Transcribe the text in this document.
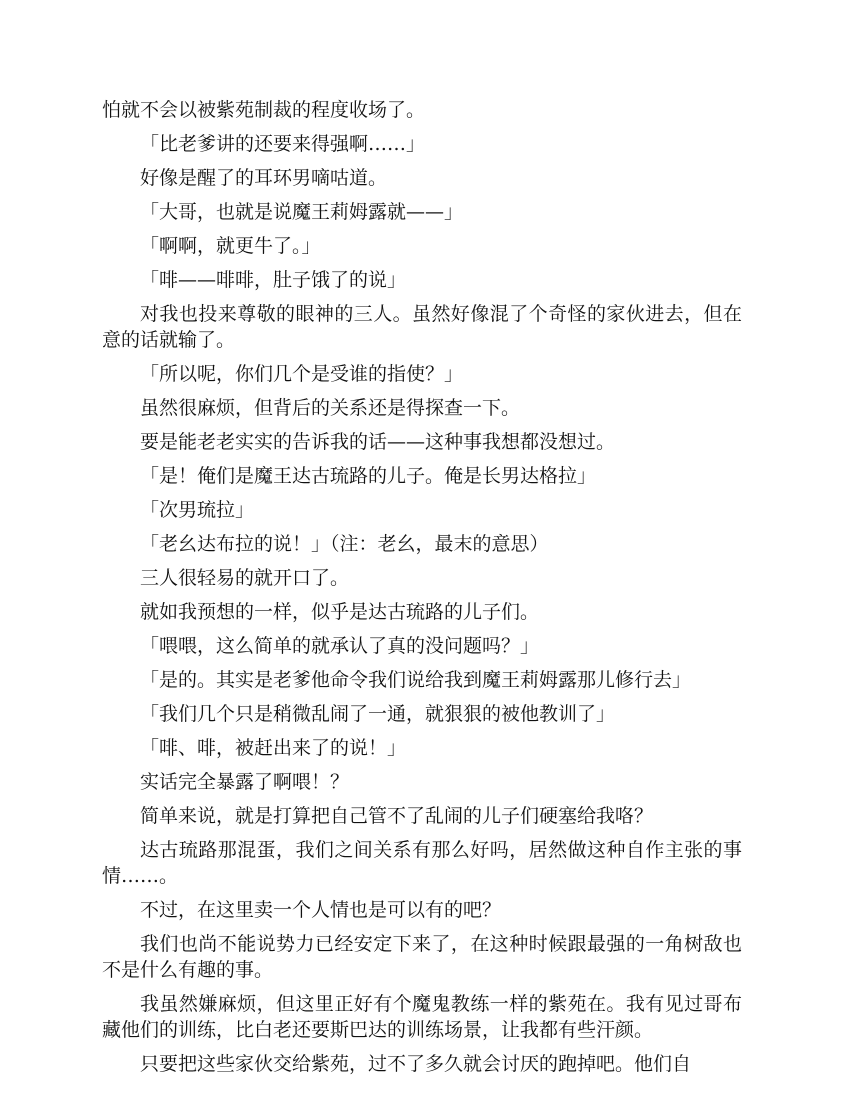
怕就不会以被紫苑制裁的程度收场了。

「比老爹讲的还要来得强啊……」

好像是醒了的耳环男嘀咕道。

「大哥，也就是说魔王莉姆露就——」

「啊啊，就更牛了。」

「啡——啡啡，肚子饿了的说」

对我也投来尊敬的眼神的三人。虽然好像混了个奇怪的家伙进去，但在意的话就输了。

「所以呢，你们几个是受谁的指使？」

虽然很麻烦，但背后的关系还是得探查一下。

要是能老老实实的告诉我的话——这种事我想都没想过。

「是！俺们是魔王达古琉路的儿子。俺是长男达格拉」

「次男琉拉」

「老幺达布拉的说！」（注：老幺，最末的意思）

三人很轻易的就开口了。

就如我预想的一样，似乎是达古琉路的儿子们。

「喂喂，这么简单的就承认了真的没问题吗？」

「是的。其实是老爹他命令我们说给我到魔王莉姆露那儿修行去」

「我们几个只是稍微乱闹了一通，就狠狠的被他教训了」

「啡、啡，被赶出来了的说！」

实话完全暴露了啊喂！？

简单来说，就是打算把自己管不了乱闹的儿子们硬塞给我咯？

达古琉路那混蛋，我们之间关系有那么好吗，居然做这种自作主张的事情……。

不过，在这里卖一个人情也是可以有的吧？

我们也尚不能说势力已经安定下来了，在这种时候跟最强的一角树敌也不是什么有趣的事。

我虽然嫌麻烦，但这里正好有个魔鬼教练一样的紫苑在。我有见过哥布藏他们的训练，比白老还要斯巴达的训练场景，让我都有些汗颜。

只要把这些家伙交给紫苑，过不了多久就会讨厌的跑掉吧。他们自
